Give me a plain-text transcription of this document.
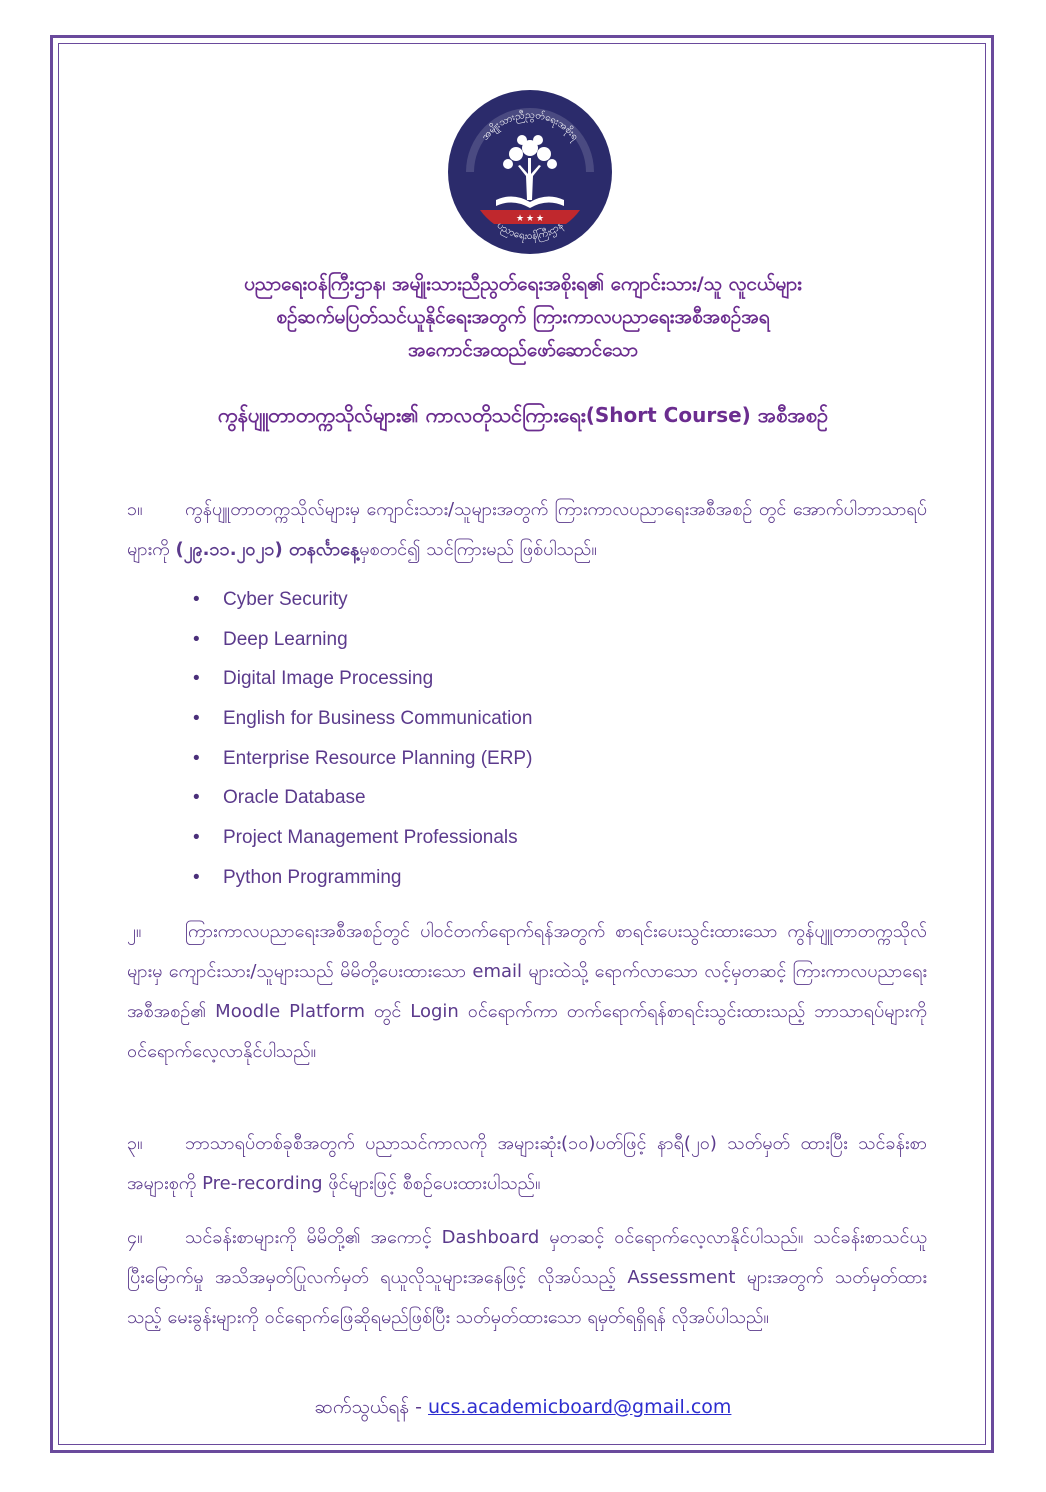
အမျိုးသားညီညွတ်ရေးအစိုးရ
★ ★ ★
ပညာရေးဝန်ကြီးဌာန
ပညာရေးဝန်ကြီးဌာန၊ အမျိုးသားညီညွတ်ရေးအစိုးရ၏ ကျောင်းသား/သူ လူငယ်များ
စဉ်ဆက်မပြတ်သင်ယူနိုင်ရေးအတွက် ကြားကာလပညာရေးအစီအစဉ်အရ
အကောင်အထည်ဖော်ဆောင်သော
ကွန်ပျူတာတက္ကသိုလ်များ၏ ကာလတိုသင်ကြားရေး(Short Course) အစီအစဉ်
၁။ ကွန်ပျူတာတက္ကသိုလ်များမှ ကျောင်းသား/သူများအတွက် ကြားကာလပညာရေးအစီအစဉ် တွင် အောက်ပါဘာသာရပ်များကို (၂၉.၁၁.၂၀၂၁) တနင်္လာနေ့မှစတင်၍ သင်ကြားမည် ဖြစ်ပါသည်။
• Cyber Security
• Deep Learning
• Digital Image Processing
• English for Business Communication
• Enterprise Resource Planning (ERP)
• Oracle Database
• Project Management Professionals
• Python Programming
၂။ ကြားကာလပညာရေးအစီအစဉ်တွင် ပါဝင်တက်ရောက်ရန်အတွက် စာရင်းပေးသွင်းထားသော ကွန်ပျူတာတက္ကသိုလ်များမှ ကျောင်းသား/သူများသည် မိမိတို့ပေးထားသော email များထဲသို့ ရောက်လာသော လင့်မှတဆင့် ကြားကာလပညာရေးအစီအစဉ်၏ Moodle Platform တွင် Login ဝင်ရောက်ကာ တက်ရောက်ရန်စာရင်းသွင်းထားသည့် ဘာသာရပ်များကို ဝင်ရောက်လေ့လာနိုင်ပါသည်။
၃။ ဘာသာရပ်တစ်ခုစီအတွက် ပညာသင်ကာလကို အများဆုံး(၁၀)ပတ်ဖြင့် နာရီ(၂၀) သတ်မှတ် ထားပြီး သင်ခန်းစာအများစုကို Pre-recording ဖိုင်များဖြင့် စီစဉ်ပေးထားပါသည်။
၄။ သင်ခန်းစာများကို မိမိတို့၏ အကောင့် Dashboard မှတဆင့် ဝင်ရောက်လေ့လာနိုင်ပါသည်။ သင်ခန်းစာသင်ယူပြီးမြောက်မှု အသိအမှတ်ပြုလက်မှတ် ရယူလိုသူများအနေဖြင့် လိုအပ်သည့် Assessment များအတွက် သတ်မှတ်ထားသည့် မေးခွန်းများကို ဝင်ရောက်ဖြေဆိုရမည်ဖြစ်ပြီး သတ်မှတ်ထားသော ရမှတ်ရရှိရန် လိုအပ်ပါသည်။
ဆက်သွယ်ရန် - ucs.academicboard@gmail.com
